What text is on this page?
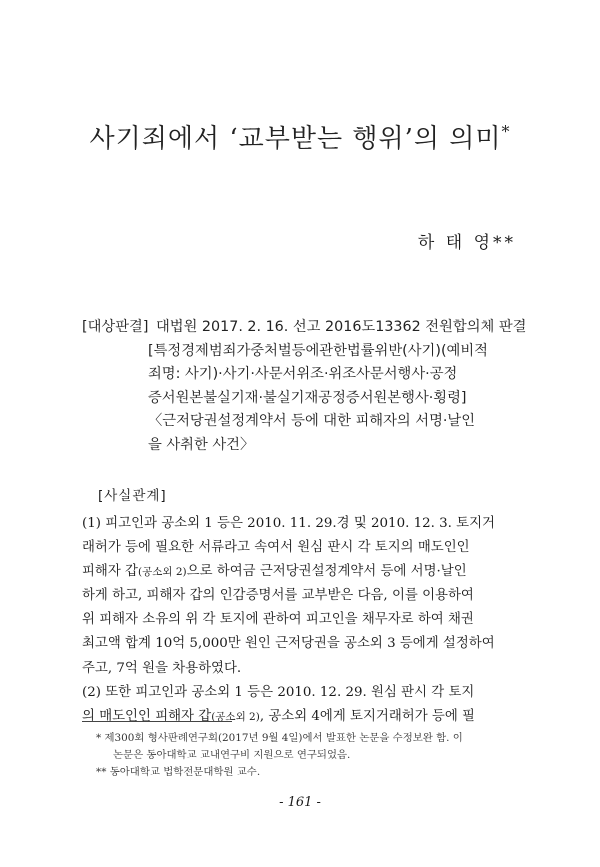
사기죄에서 ‘교부받는 행위’의 의미*
하 태 영**
[대상판결] 대법원 2017. 2. 16. 선고 2016도13362 전원합의체 판결
[특정경제범죄가중처벌등에관한법률위반(사기)(예비적
죄명: 사기)·사기·사문서위조·위조사문서행사·공정
증서원본불실기재·불실기재공정증서원본행사·횡령]
〈근저당권설정계약서 등에 대한 피해자의 서명·날인
을 사취한 사건〉
[사실관계]
(1) 피고인과 공소외 1 등은 2010. 11. 29.경 및 2010. 12. 3. 토지거
래허가 등에 필요한 서류라고 속여서 원심 판시 각 토지의 매도인인
피해자 갑(공소외 2)으로 하여금 근저당권설정계약서 등에 서명·날인
하게 하고, 피해자 갑의 인감증명서를 교부받은 다음, 이를 이용하여
위 피해자 소유의 위 각 토지에 관하여 피고인을 채무자로 하여 채권
최고액 합계 10억 5,000만 원인 근저당권을 공소외 3 등에게 설정하여
주고, 7억 원을 차용하였다.
(2) 또한 피고인과 공소외 1 등은 2010. 12. 29. 원심 판시 각 토지
의 매도인인 피해자 갑(공소외 2), 공소외 4에게 토지거래허가 등에 필
* 제300회 형사판례연구회(2017년 9월 4일)에서 발표한 논문을 수정보완 함. 이
논문은 동아대학교 교내연구비 지원으로 연구되었음.
** 동아대학교 법학전문대학원 교수.
- 161 -
